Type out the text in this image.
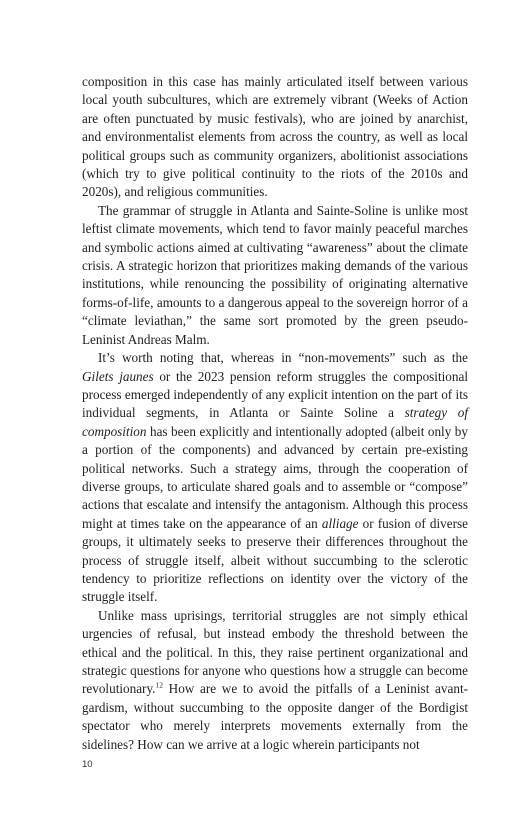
composition in this case has mainly articulated itself between various local youth subcultures, which are extremely vibrant (Weeks of Action are often punctuated by music festivals), who are joined by anarchist, and environmentalist elements from across the country, as well as local political groups such as community organizers, abolitionist associations (which try to give political continuity to the riots of the 2010s and 2020s), and religious communities.

The grammar of struggle in Atlanta and Sainte-Soline is unlike most leftist climate movements, which tend to favor mainly peaceful marches and symbolic actions aimed at cultivating “awareness” about the climate crisis. A strategic horizon that prioritizes making demands of the various institutions, while renouncing the possibility of originating alternative forms-of-life, amounts to a dangerous appeal to the sovereign horror of a “climate leviathan,” the same sort promoted by the green pseudo-Leninist Andreas Malm.

It’s worth noting that, whereas in “non-movements” such as the Gilets jaunes or the 2023 pension reform struggles the compositional process emerged independently of any explicit intention on the part of its individual segments, in Atlanta or Sainte Soline a strategy of composition has been explicitly and intentionally adopted (albeit only by a portion of the components) and advanced by certain pre-existing political networks. Such a strategy aims, through the cooperation of diverse groups, to articulate shared goals and to assemble or “compose” actions that escalate and intensify the antagonism. Although this process might at times take on the appearance of an alliage or fusion of diverse groups, it ultimately seeks to preserve their differences throughout the process of struggle itself, albeit without succumbing to the sclerotic tendency to prioritize reflections on identity over the victory of the struggle itself.

Unlike mass uprisings, territorial struggles are not simply ethical urgencies of refusal, but instead embody the threshold between the ethical and the political. In this, they raise pertinent organizational and strategic questions for anyone who questions how a struggle can become revolutionary.$^{12}$ How are we to avoid the pitfalls of a Leninist avant-gardism, without succumbing to the opposite danger of the Bordigist spectator who merely interprets movements externally from the sidelines? How can we arrive at a logic wherein participants not

10
